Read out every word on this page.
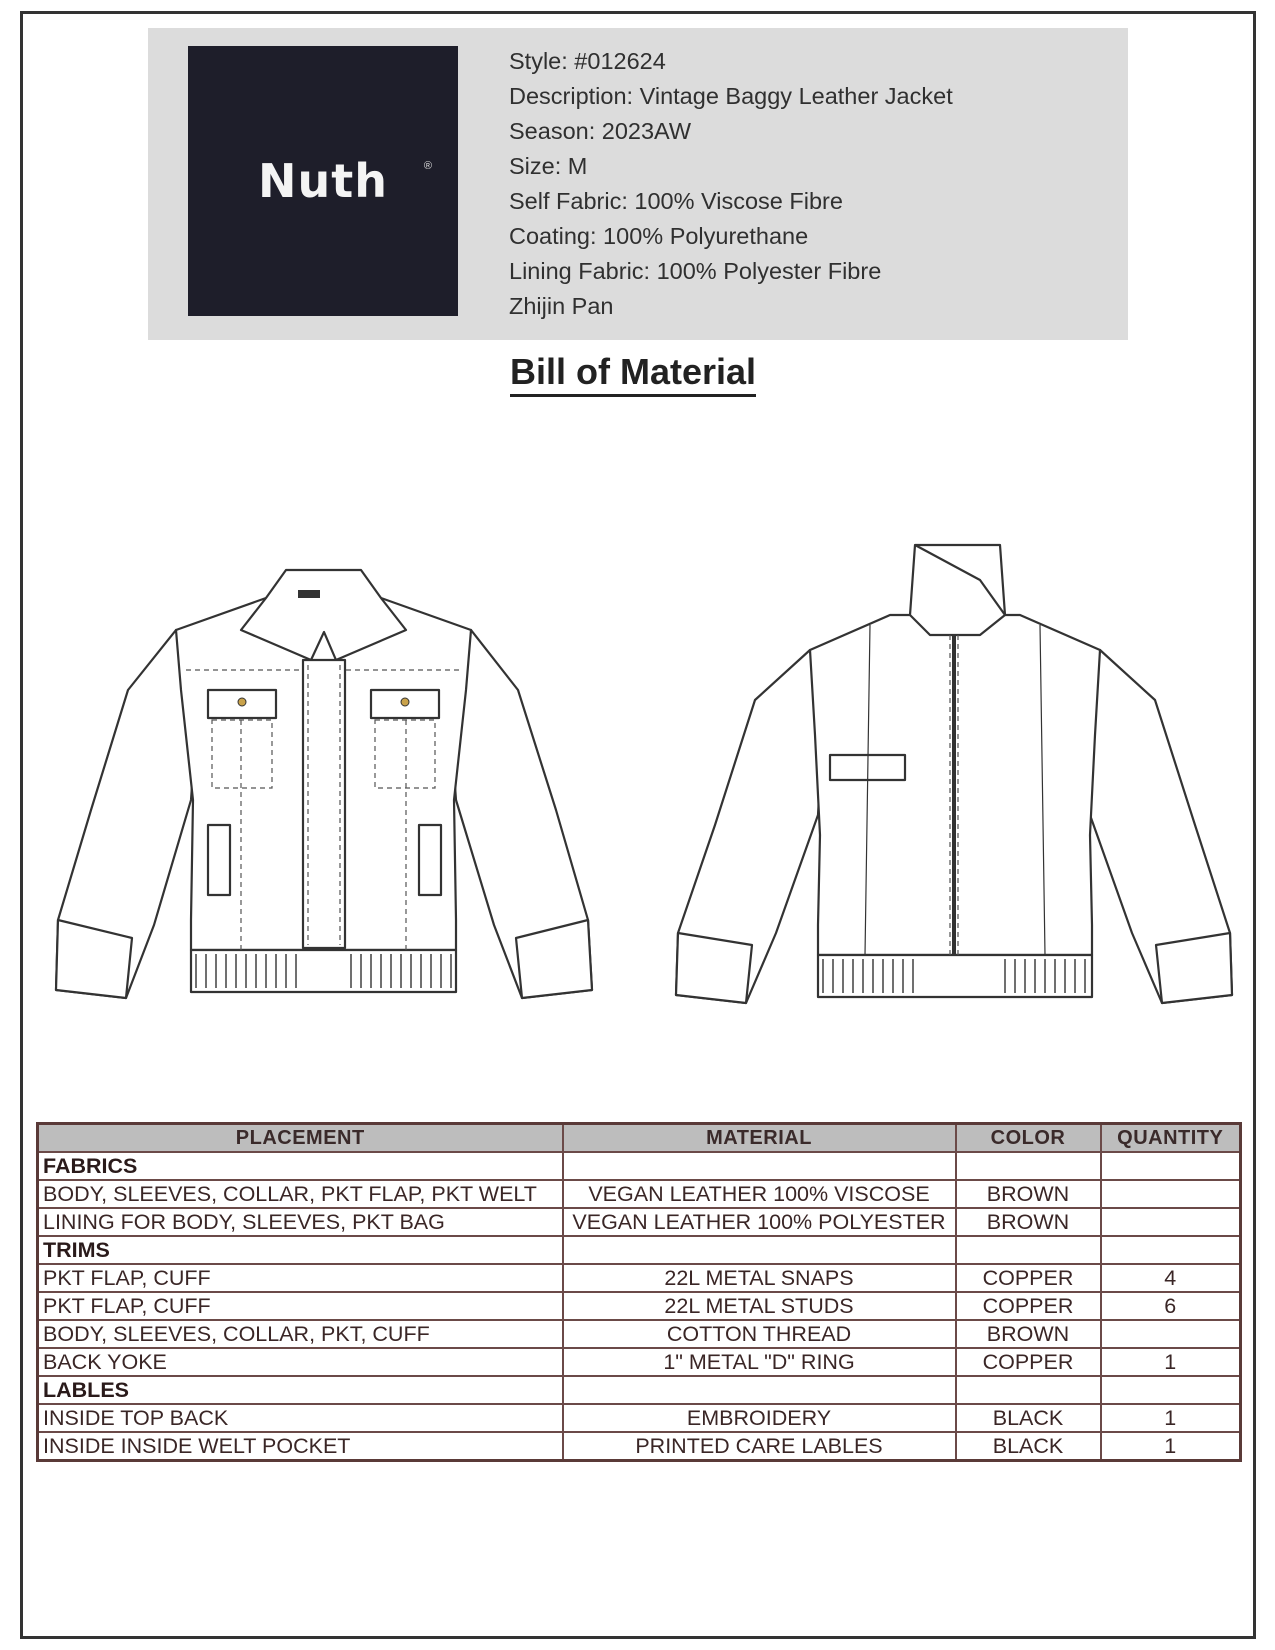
Nuth	®
Style: #012624
Description: Vintage Baggy Leather Jacket
Season: 2023AW
Size: M
Self Fabric: 100% Viscose Fibre
Coating: 100% Polyurethane
Lining Fabric: 100% Polyester Fibre
Zhijin Pan
Bill of Material
PLACEMENT	MATERIAL	COLOR	QUANTITY
FABRICS			
BODY, SLEEVES, COLLAR, PKT FLAP, PKT WELT	VEGAN LEATHER 100% VISCOSE	BROWN	
LINING FOR BODY, SLEEVES, PKT BAG	VEGAN LEATHER 100% POLYESTER	BROWN	
TRIMS			
PKT FLAP, CUFF	22L METAL SNAPS	COPPER	4
PKT FLAP, CUFF	22L METAL STUDS	COPPER	6
BODY, SLEEVES, COLLAR, PKT, CUFF	COTTON THREAD	BROWN	
BACK YOKE	1" METAL "D" RING	COPPER	1
LABLES			
INSIDE TOP BACK	EMBROIDERY	BLACK	1
INSIDE INSIDE WELT POCKET	PRINTED CARE LABLES	BLACK	1
